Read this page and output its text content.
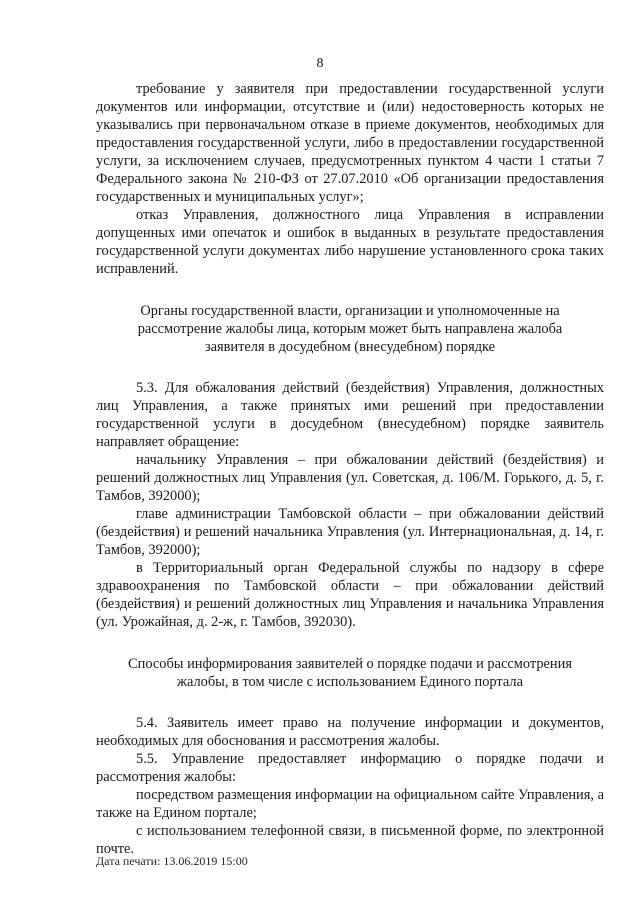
8

требование у заявителя при предоставлении государственной услуги документов или информации, отсутствие и (или) недостоверность которых не указывались при первоначальном отказе в приеме документов, необходимых для предоставления государственной услуги, либо в предоставлении государственной услуги, за исключением случаев, предусмотренных пунктом 4 части 1 статьи 7 Федерального закона № 210-ФЗ от 27.07.2010 «Об организации предоставления государственных и муниципальных услуг»;

отказ Управления, должностного лица Управления в исправлении допущенных ими опечаток и ошибок в выданных в результате предоставления государственной услуги документах либо нарушение установленного срока таких исправлений.

Органы государственной власти, организации и уполномоченные на рассмотрение жалобы лица, которым может быть направлена жалоба заявителя в досудебном (внесудебном) порядке

5.3. Для обжалования действий (бездействия) Управления, должностных лиц Управления, а также принятых ими решений при предоставлении государственной услуги в досудебном (внесудебном) порядке заявитель направляет обращение:

начальнику Управления – при обжаловании действий (бездействия) и решений должностных лиц Управления (ул. Советская, д. 106/М. Горького, д. 5, г. Тамбов, 392000);

главе администрации Тамбовской области – при обжаловании действий (бездействия) и решений начальника Управления (ул. Интернациональная, д. 14, г. Тамбов, 392000);

в Территориальный орган Федеральной службы по надзору в сфере здравоохранения по Тамбовской области – при обжаловании действий (бездействия) и решений должностных лиц Управления и начальника Управления (ул. Урожайная, д. 2-ж, г. Тамбов, 392030).

Способы информирования заявителей о порядке подачи и рассмотрения жалобы, в том числе с использованием Единого портала

5.4. Заявитель имеет право на получение информации и документов, необходимых для обоснования и рассмотрения жалобы.

5.5. Управление предоставляет информацию о порядке подачи и рассмотрения жалобы:

посредством размещения информации на официальном сайте Управления, а также на Едином портале;

с использованием телефонной связи, в письменной форме, по электронной почте.

Дата печати: 13.06.2019 15:00
